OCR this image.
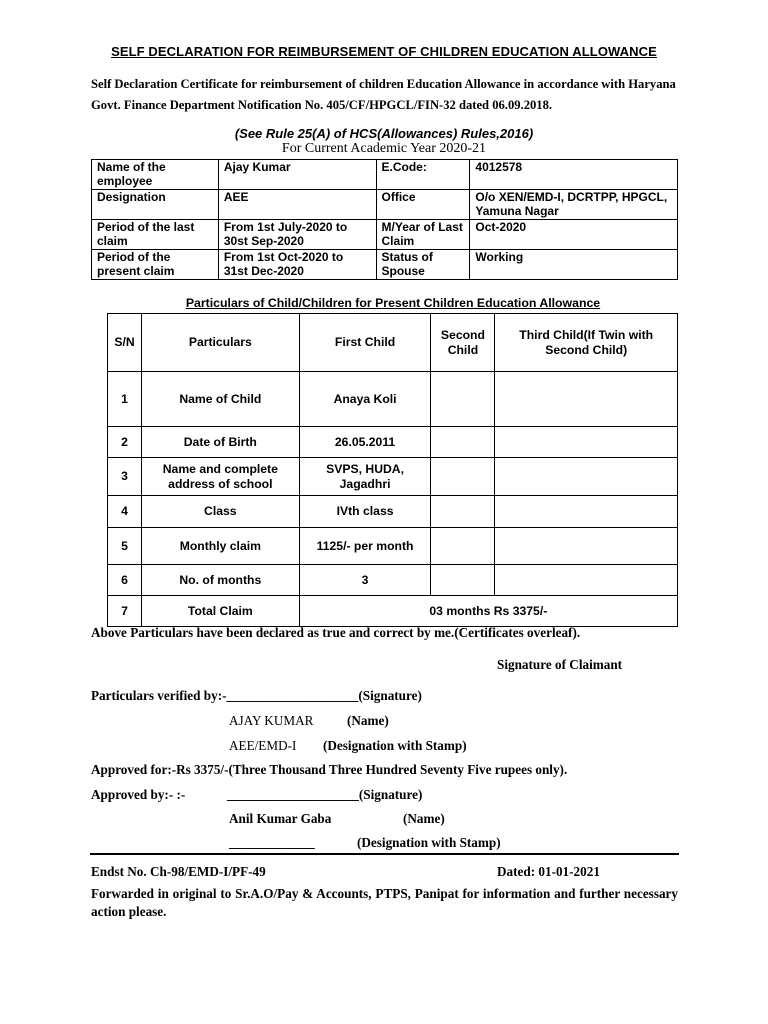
SELF DECLARATION FOR REIMBURSEMENT OF CHILDREN EDUCATION ALLOWANCE
Self Declaration Certificate for reimbursement of children Education Allowance in accordance with Haryana Govt. Finance Department Notification No. 405/CF/HPGCL/FIN-32 dated 06.09.2018.
(See Rule 25(A) of HCS(Allowances) Rules,2016)
For Current Academic Year 2020-21
Name of the employee	Ajay Kumar	E.Code:	4012578
Designation	AEE	Office	O/o XEN/EMD-I, DCRTPP, HPGCL, Yamuna Nagar
Period of the last claim	From 1st July-2020 to 30st Sep-2020	M/Year of Last Claim	Oct-2020
Period of the present claim	From 1st Oct-2020 to 31st Dec-2020	Status of Spouse	Working
Particulars of Child/Children for Present Children Education Allowance
S/N	Particulars	First Child	Second Child	Third Child(If Twin with Second Child)
1	Name of Child	Anaya Koli		
2	Date of Birth	26.05.2011		
3	Name and complete address of school	SVPS, HUDA, Jagadhri		
4	Class	IVth class		
5	Monthly claim	1125/- per month		
6	No. of months	3		
7	Total Claim	03 months Rs 3375/-		
Above Particulars have been declared as true and correct by me.(Certificates overleaf).
Signature of Claimant
Particulars verified by:-____________________(Signature)
AJAY KUMAR	(Name)
AEE/EMD-I (Designation with Stamp)
Approved for:-Rs 3375/-(Three Thousand Three Hundred Seventy Five rupees only).
Approved by:- :-	____________________(Signature)
Anil Kumar Gaba	(Name)
_____________	(Designation with Stamp)
Endst No. Ch-98/EMD-I/PF-49	Dated: 01-01-2021
Forwarded in original to Sr.A.O/Pay & Accounts, PTPS, Panipat for information and further necessary action please.
